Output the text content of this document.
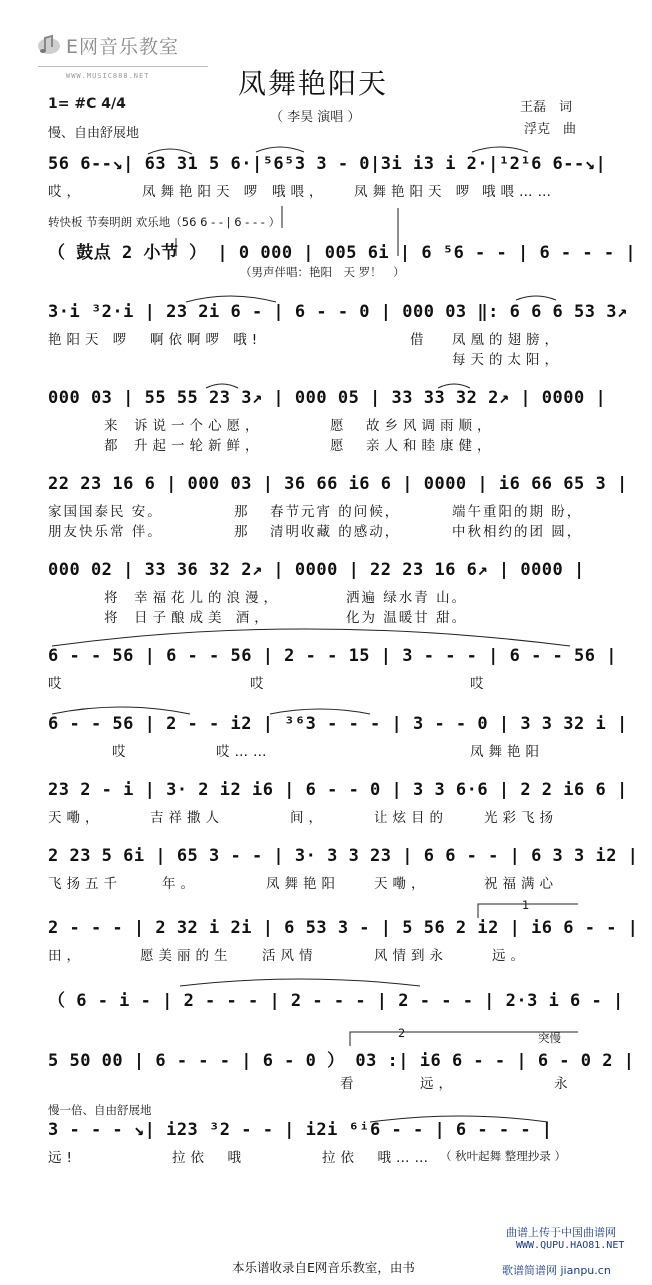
E网音乐教室
WWW.MUSIC888.NET	凤舞艳阳天
（ 李昊 演唱 ）
王磊　词
浮克　曲
1= #C 4/4
慢、自由舒展地
56 6--↘| 63 31 5 6·|⁵6⁵3 3 - 0|3i i3 i 2·|¹2¹6 6--↘|
哎，	凤舞艳阳天 啰 哦喂， 凤舞艳阳天 啰 哦喂……
转快板 节奏明朗 欢乐地（56 6 - - | 6 - - - ）
（ 鼓点 2 小节 ） | 0 000 | 005 6i | 6 ⁵6 - - | 6 - - - |
（男声伴唱：艳阳　天 罗！　）
3·i ³2·i | 23 2i 6 - | 6 - - 0 | 000 03 ‖: 6 6 6 53 3↗
艳阳天 啰 啊依啊啰 哦!	借 凤凰的翅膀，
每天的太阳，
000 03 | 55 55 23 3↗ | 000 05 | 33 33 32 2↗ | 0000 |
来 诉说一个心愿，	愿 故乡风调雨顺，
都 升起一轮新鲜，	愿 亲人和睦康健，
22 23 16 6 | 000 03 | 36 66 i6 6 | 0000 | i6 66 65 3 |
家国国泰民 安。	那 春节元宵 的问候，	端午重阳的期 盼，
朋友快乐常 伴。	那 清明收藏 的感动，	中秋相约的团 圆，
000 02 | 33 36 32 2↗ | 0000 | 22 23 16 6↗ | 0000 |
将 幸福花儿的浪漫，	洒遍 绿水青 山。
将 日子酿成美 酒，	化为 温暖甘 甜。
6 - - 56 | 6 - - 56 | 2 - - 15 | 3 - - - | 6 - - 56 |
哎	哎	哎
6 - - 56 | 2 - - i2 | ³⁶3 - - - | 3 - - 0 | 3 3 32 i |
哎	哎……	凤舞艳阳
23 2 - i | 3· 2 i2 i6 | 6 - - 0 | 3 3 6·6 | 2 2 i6 6 |
天嘞，	吉祥撒人	间，	让炫目的	光彩飞扬
2 23 5 6i | 65 3 - - | 3· 3 3 23 | 6 6 - - | 6 3 3 i2 |
飞扬五千	年。	凤舞艳阳	天嘞，	祝福满心
1
2 - - - | 2 32 i 2i | 6 53 3 - | 5 56 2 i2 | i6 6 - - |
田，	愿美丽的生 活风情	风情到永	远。
（ 6 - i - | 2 - - - | 2 - - - | 2 - - - | 2·3 i 6 - |
2	突慢
5 50 00 | 6 - - - | 6 - 0 ） 03 :| i6 6 - - | 6 - 0 2 |
看	远，	永
慢一倍、自由舒展地
3 - - - ↘| i23 ³2 - - | i2i ⁶ⁱ6 - - | 6 - - - |
远!	拉依　哦	拉依　哦…… （ 秋叶起舞 整理抄录 ）
曲谱上传于中国曲谱网
WWW.QUPU.HAO81.NET
本乐谱收录自E网音乐教室，由书	歌谱简谱网 jianpu.cn
